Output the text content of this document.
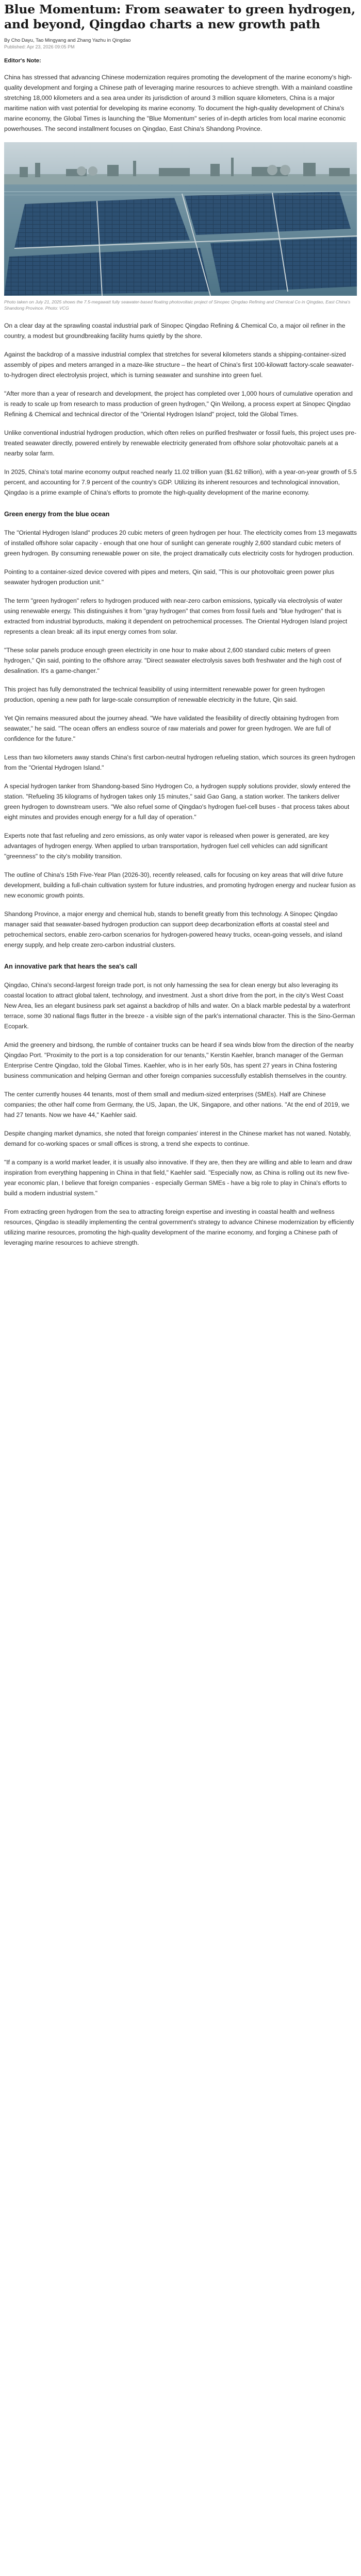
Blue Momentum: From seawater to green hydrogen, and beyond, Qingdao charts a new growth path
By Cho Dayu, Tao Mingyang and Zhang Yazhu in Qingdao
Published: Apr 23, 2026 09:05 PM
Editor's Note:

China has stressed that advancing Chinese modernization requires promoting the development of the marine economy's high-quality development and forging a Chinese path of leveraging marine resources to achieve strength. With a mainland coastline stretching 18,000 kilometers and a sea area under its jurisdiction of around 3 million square kilometers, China is a major maritime nation with vast potential for developing its marine economy. To document the high-quality development of China's marine economy, the Global Times is launching the "Blue Momentum" series of in-depth articles from local marine economic powerhouses. The second installment focuses on Qingdao, East China's Shandong Province.

Photo taken on July 21, 2025 shows the 7.5-megawatt fully seawater-based floating photovoltaic project of Sinopec Qingdao Refining and Chemical Co in Qingdao, East China's Shandong Province. Photo: VCG

On a clear day at the sprawling coastal industrial park of Sinopec Qingdao Refining & Chemical Co, a major oil refiner in the country, a modest but groundbreaking facility hums quietly by the shore.

Against the backdrop of a massive industrial complex that stretches for several kilometers stands a shipping-container-sized assembly of pipes and meters arranged in a maze-like structure – the heart of China's first 100-kilowatt factory-scale seawater-to-hydrogen direct electrolysis project, which is turning seawater and sunshine into green fuel.

"After more than a year of research and development, the project has completed over 1,000 hours of cumulative operation and is ready to scale up from research to mass production of green hydrogen," Qin Weilong, a process expert at Sinopec Qingdao Refining & Chemical and technical director of the "Oriental Hydrogen Island" project, told the Global Times.

Unlike conventional industrial hydrogen production, which often relies on purified freshwater or fossil fuels, this project uses pre-treated seawater directly, powered entirely by renewable electricity generated from offshore solar photovoltaic panels at a nearby solar farm.

In 2025, China's total marine economy output reached nearly 11.02 trillion yuan ($1.62 trillion), with a year-on-year growth of 5.5 percent, and accounting for 7.9 percent of the country's GDP. Utilizing its inherent resources and technological innovation, Qingdao is a prime example of China's efforts to promote the high-quality development of the marine economy.

Green energy from the blue ocean

The "Oriental Hydrogen Island" produces 20 cubic meters of green hydrogen per hour. The electricity comes from 13 megawatts of installed offshore solar capacity - enough that one hour of sunlight can generate roughly 2,600 standard cubic meters of green hydrogen. By consuming renewable power on site, the project dramatically cuts electricity costs for hydrogen production.

Pointing to a container-sized device covered with pipes and meters, Qin said, "This is our photovoltaic green power plus seawater hydrogen production unit."

The term "green hydrogen" refers to hydrogen produced with near-zero carbon emissions, typically via electrolysis of water using renewable energy. This distinguishes it from "gray hydrogen" that comes from fossil fuels and "blue hydrogen" that is extracted from industrial byproducts, making it dependent on petrochemical processes. The Oriental Hydrogen Island project represents a clean break: all its input energy comes from solar.

"These solar panels produce enough green electricity in one hour to make about 2,600 standard cubic meters of green hydrogen," Qin said, pointing to the offshore array. "Direct seawater electrolysis saves both freshwater and the high cost of desalination. It's a game-changer."

This project has fully demonstrated the technical feasibility of using intermittent renewable power for green hydrogen production, opening a new path for large-scale consumption of renewable electricity in the future, Qin said.

Yet Qin remains measured about the journey ahead. "We have validated the feasibility of directly obtaining hydrogen from seawater," he said. "The ocean offers an endless source of raw materials and power for green hydrogen. We are full of confidence for the future."

Less than two kilometers away stands China's first carbon-neutral hydrogen refueling station, which sources its green hydrogen from the "Oriental Hydrogen Island."

A special hydrogen tanker from Shandong-based Sino Hydrogen Co, a hydrogen supply solutions provider, slowly entered the station. "Refueling 35 kilograms of hydrogen takes only 15 minutes," said Gao Gang, a station worker. The tankers deliver green hydrogen to downstream users. "We also refuel some of Qingdao's hydrogen fuel-cell buses - that process takes about eight minutes and provides enough energy for a full day of operation."

Experts note that fast refueling and zero emissions, as only water vapor is released when power is generated, are key advantages of hydrogen energy. When applied to urban transportation, hydrogen fuel cell vehicles can add significant "greenness" to the city's mobility transition.

The outline of China's 15th Five-Year Plan (2026-30), recently released, calls for focusing on key areas that will drive future development, building a full-chain cultivation system for future industries, and promoting hydrogen energy and nuclear fusion as new economic growth points.

Shandong Province, a major energy and chemical hub, stands to benefit greatly from this technology. A Sinopec Qingdao manager said that seawater-based hydrogen production can support deep decarbonization efforts at coastal steel and petrochemical sectors, enable zero-carbon scenarios for hydrogen-powered heavy trucks, ocean-going vessels, and island energy supply, and help create zero-carbon industrial clusters.

An innovative park that hears the sea's call

Qingdao, China's second-largest foreign trade port, is not only harnessing the sea for clean energy but also leveraging its coastal location to attract global talent, technology, and investment. Just a short drive from the port, in the city's West Coast New Area, lies an elegant business park set against a backdrop of hills and water. On a black marble pedestal by a waterfront terrace, some 30 national flags flutter in the breeze - a visible sign of the park's international character. This is the Sino-German Ecopark.

Amid the greenery and birdsong, the rumble of container trucks can be heard if sea winds blow from the direction of the nearby Qingdao Port. "Proximity to the port is a top consideration for our tenants," Kerstin Kaehler, branch manager of the German Enterprise Centre Qingdao, told the Global Times. Kaehler, who is in her early 50s, has spent 27 years in China fostering business communication and helping German and other foreign companies successfully establish themselves in the country.

The center currently houses 44 tenants, most of them small and medium-sized enterprises (SMEs). Half are Chinese companies; the other half come from Germany, the US, Japan, the UK, Singapore, and other nations. "At the end of 2019, we had 27 tenants. Now we have 44," Kaehler said.

Despite changing market dynamics, she noted that foreign companies' interest in the Chinese market has not waned. Notably, demand for co-working spaces or small offices is strong, a trend she expects to continue.

"If a company is a world market leader, it is usually also innovative. If they are, then they are willing and able to learn and draw inspiration from everything happening in China in that field," Kaehler said. "Especially now, as China is rolling out its new five-year economic plan, I believe that foreign companies - especially German SMEs - have a big role to play in China's efforts to build a modern industrial system."

From extracting green hydrogen from the sea to attracting foreign expertise and investing in coastal health and wellness resources, Qingdao is steadily implementing the central government's strategy to advance Chinese modernization by efficiently utilizing marine resources, promoting the high-quality development of the marine economy, and forging a Chinese path of leveraging marine resources to achieve strength.
